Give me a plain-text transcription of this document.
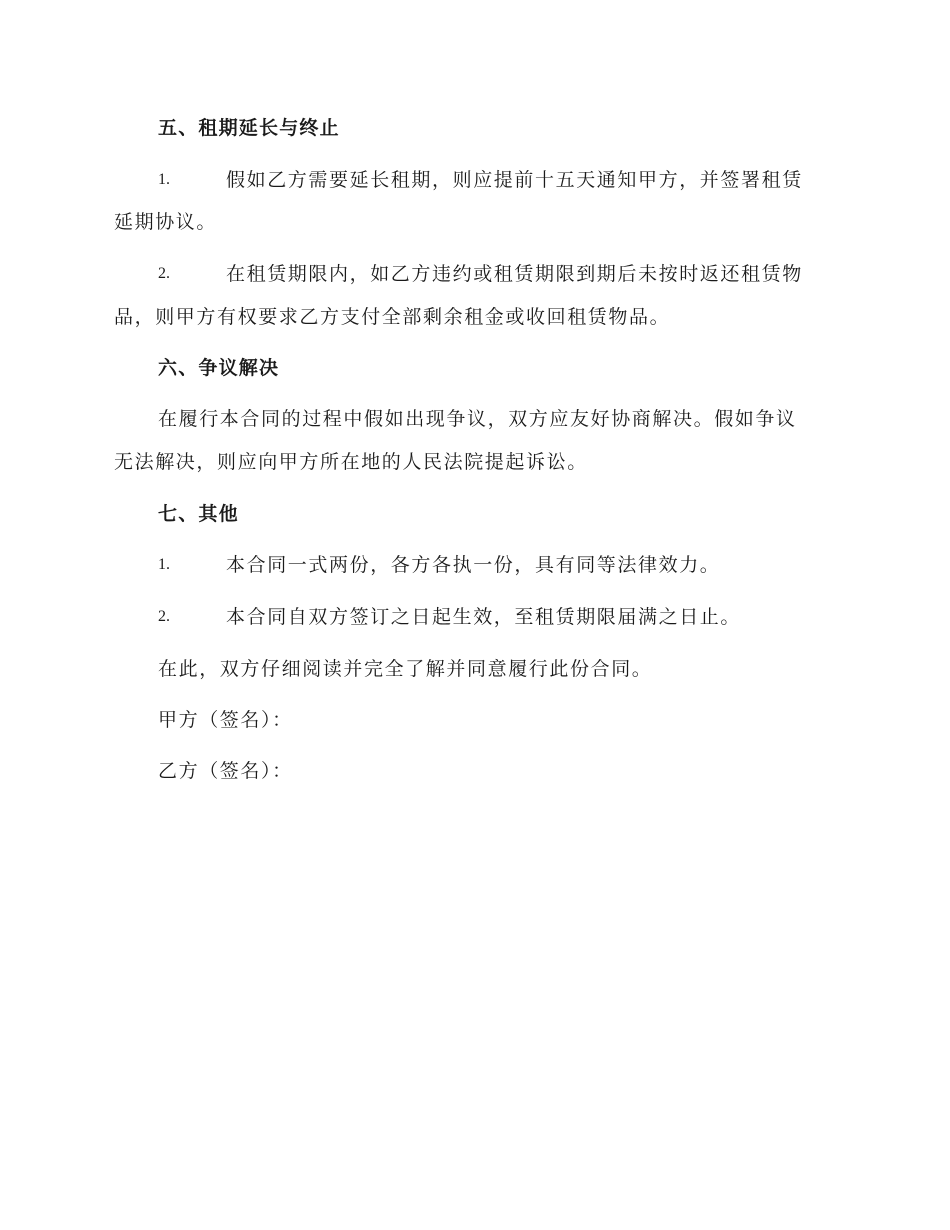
五、租期延长与终止
1.	假如乙方需要延长租期，则应提前十五天通知甲方，并签署租赁
延期协议。
2.	在租赁期限内，如乙方违约或租赁期限到期后未按时返还租赁物
品，则甲方有权要求乙方支付全部剩余租金或收回租赁物品。
六、争议解决
在履行本合同的过程中假如出现争议，双方应友好协商解决。假如争议
无法解决，则应向甲方所在地的人民法院提起诉讼。
七、其他
1.	本合同一式两份，各方各执一份，具有同等法律效力。
2.	本合同自双方签订之日起生效，至租赁期限届满之日止。
在此，双方仔细阅读并完全了解并同意履行此份合同。
甲方（签名）：
乙方（签名）：
